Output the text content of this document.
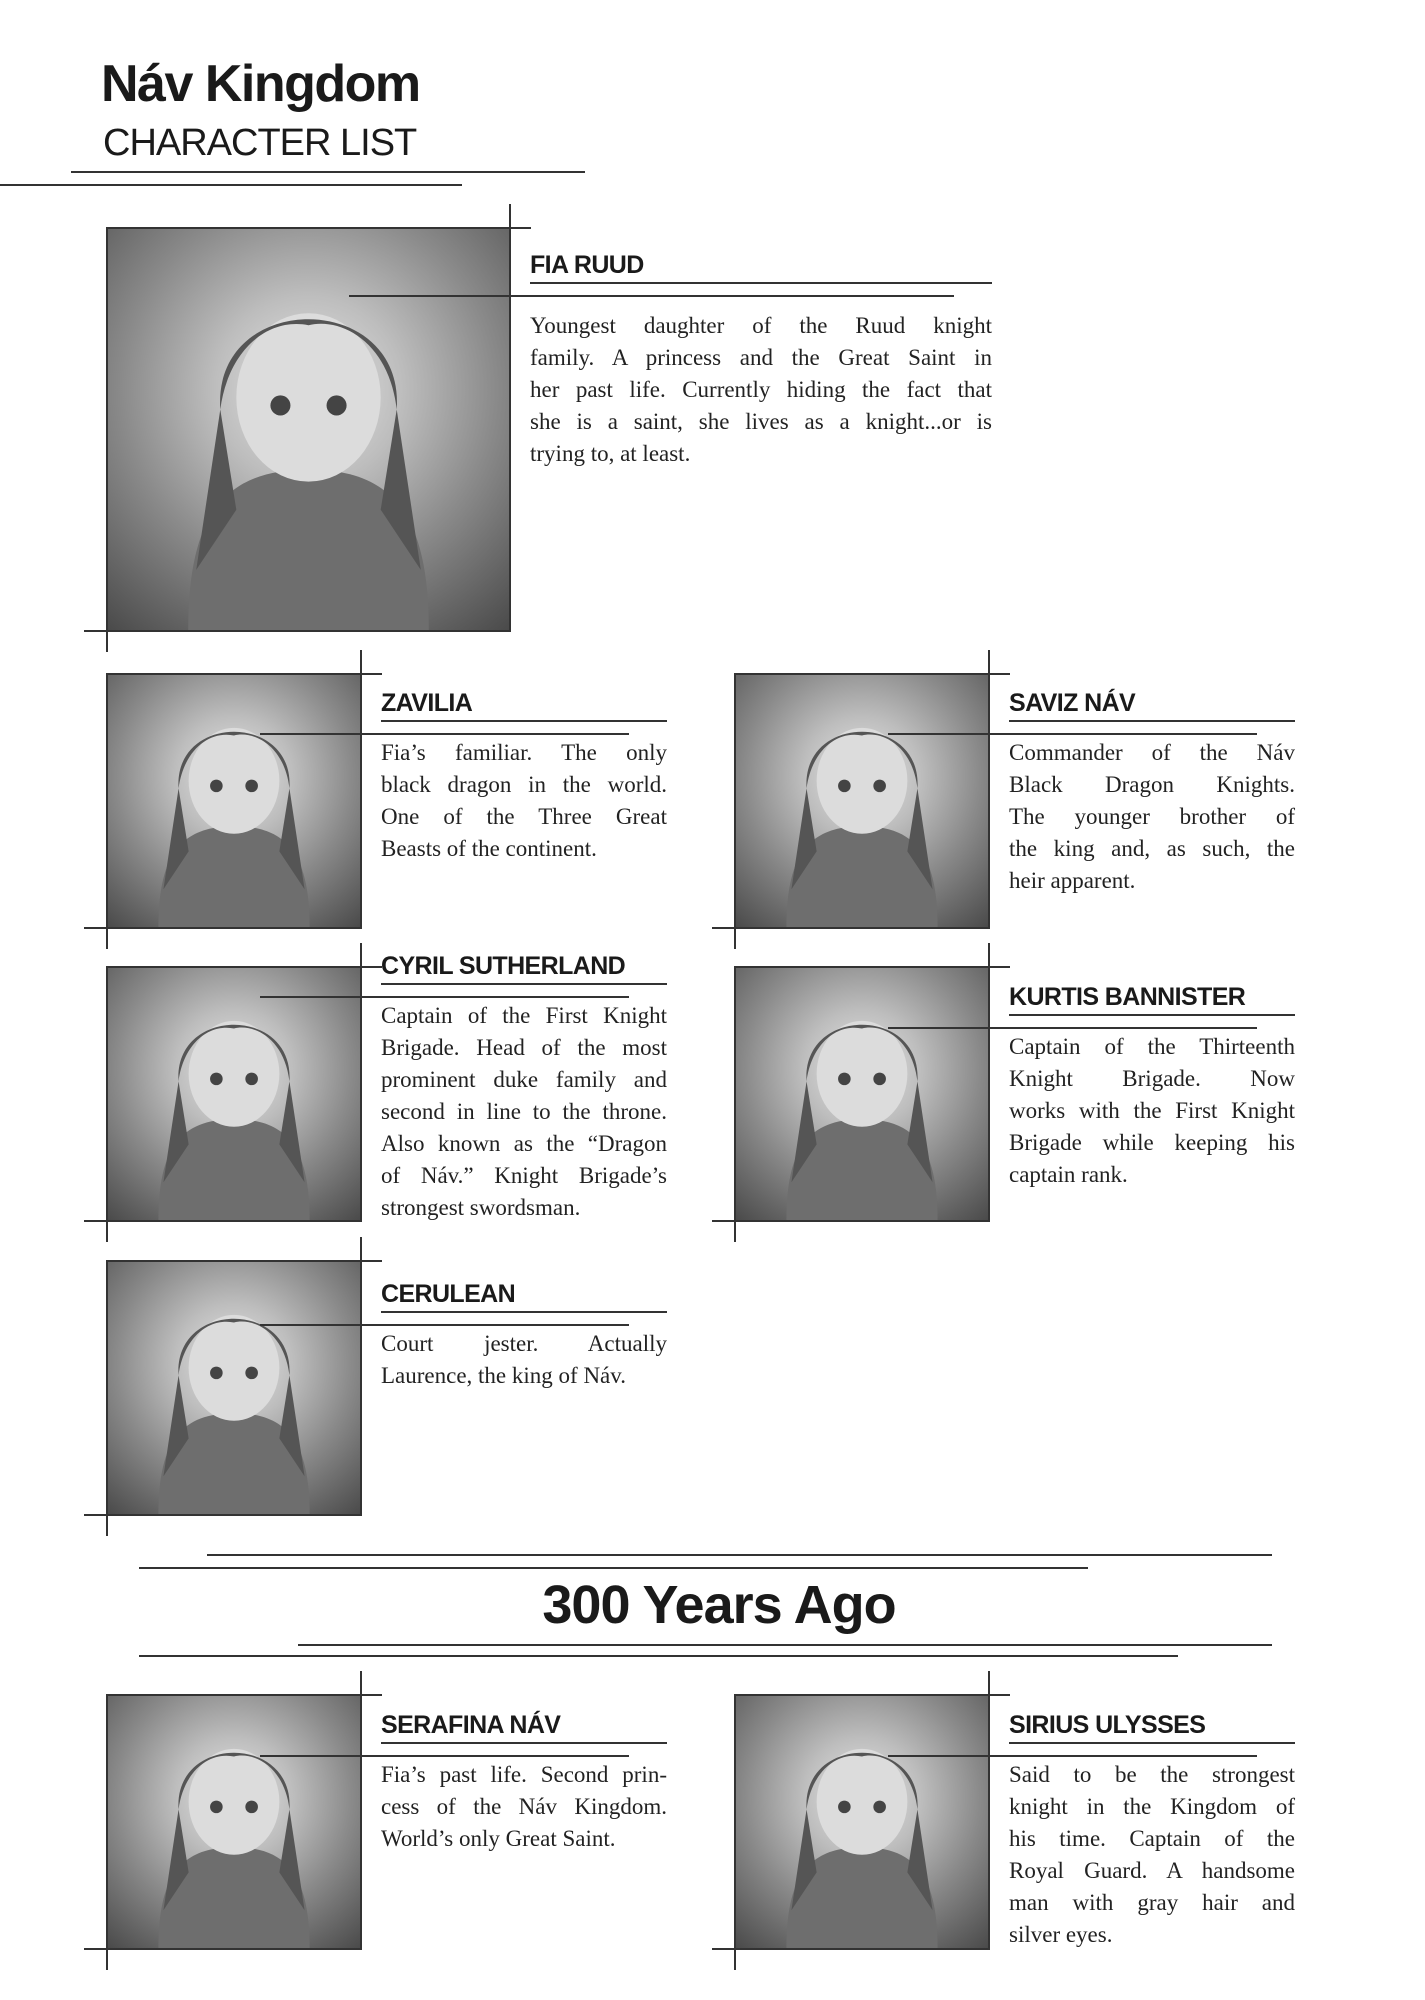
Náv Kingdom
CHARACTER LIST
300 Years Ago
FIA RUUD
Youngest daughter of the Ruud knight
family. A princess and the Great Saint in
her past life. Currently hiding the fact that
she is a saint, she lives as a knight...or is
trying to, at least.
ZAVILIA
Fia’s familiar. The only
black dragon in the world.
One of the Three Great
Beasts of the continent.
SAVIZ NÁV
Commander of the Náv
Black Dragon Knights.
The younger brother of
the king and, as such, the
heir apparent.
CYRIL SUTHERLAND
Captain of the First Knight
Brigade. Head of the most
prominent duke family and
second in line to the throne.
Also known as the “Dragon
of Náv.” Knight Brigade’s
strongest swordsman.
KURTIS BANNISTER
Captain of the Thirteenth
Knight Brigade. Now
works with the First Knight
Brigade while keeping his
captain rank.
CERULEAN
Court jester. Actually
Laurence, the king of Náv.
SERAFINA NÁV
Fia’s past life. Second prin-
cess of the Náv Kingdom.
World’s only Great Saint.
SIRIUS ULYSSES
Said to be the strongest
knight in the Kingdom of
his time. Captain of the
Royal Guard. A handsome
man with gray hair and
silver eyes.
